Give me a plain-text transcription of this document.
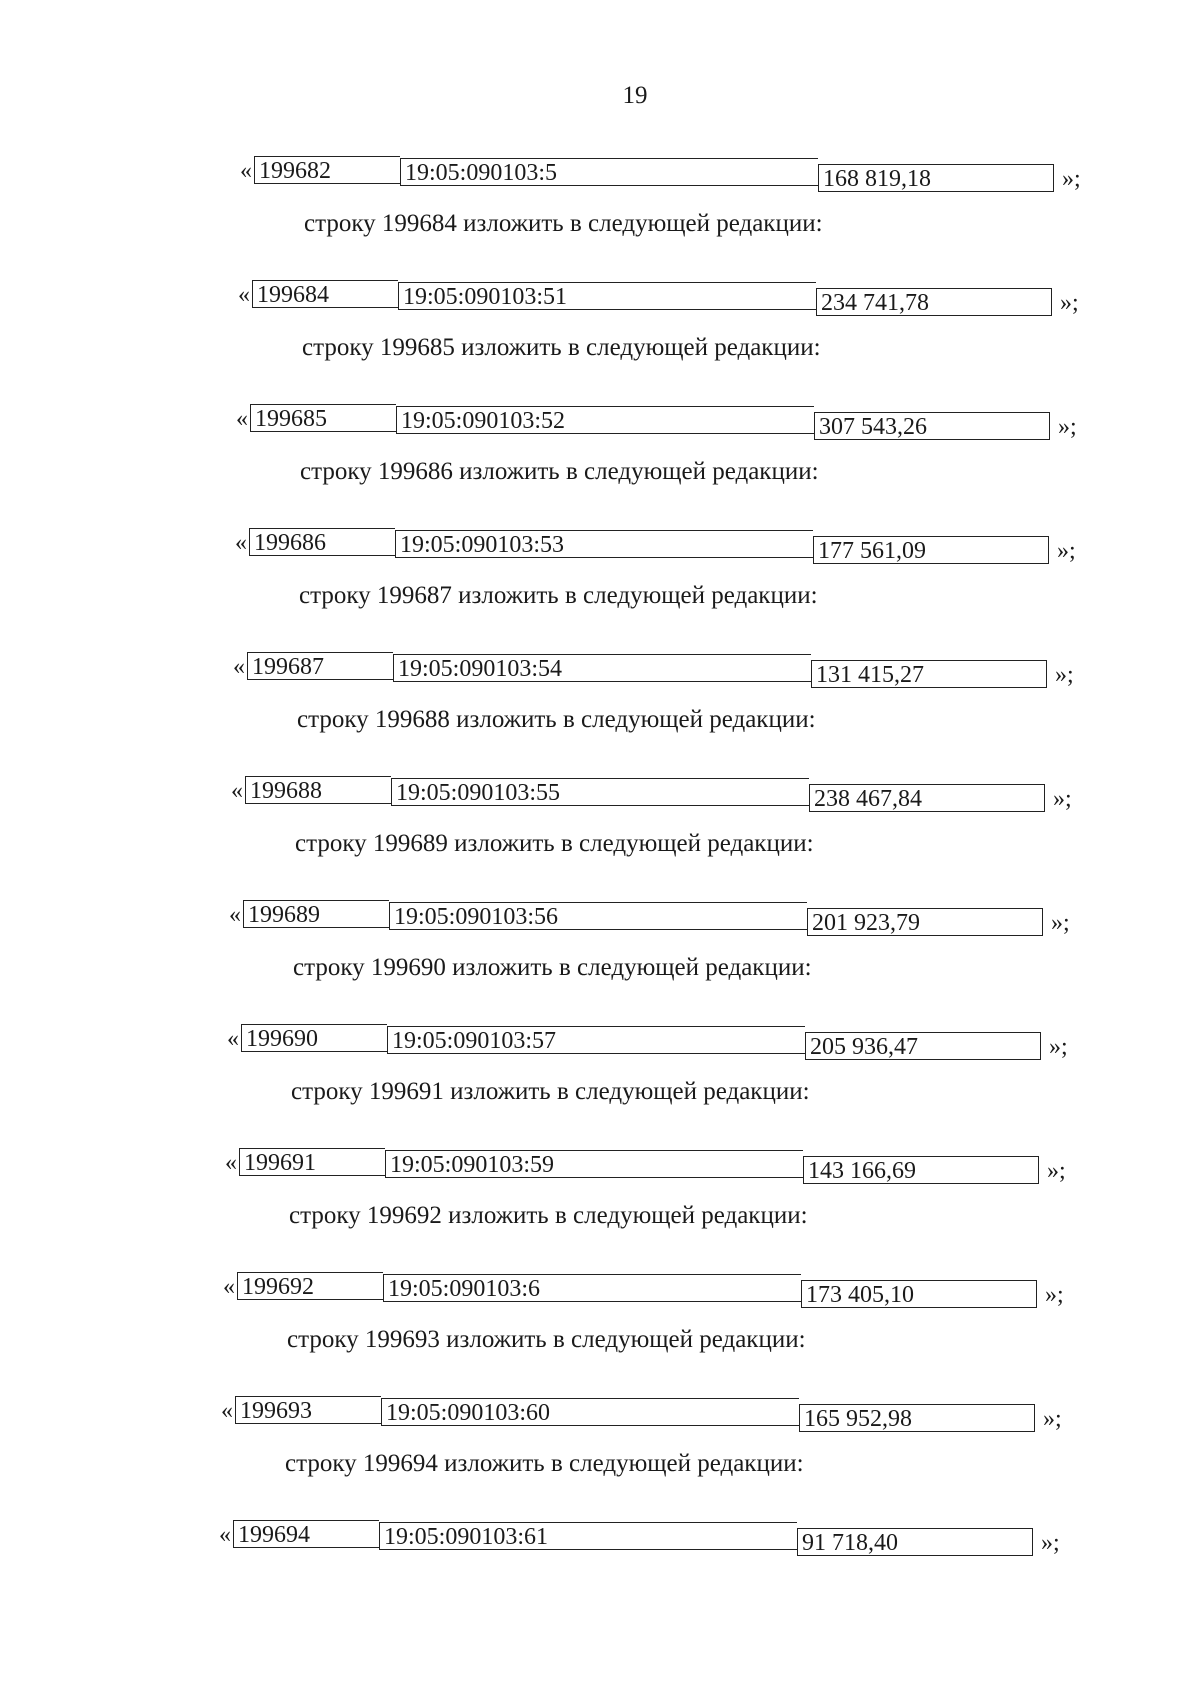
19
« 199682	19:05:090103:5	168 819,18	»;
строку 199684 изложить в следующей редакции:
« 199684	19:05:090103:51	234 741,78	»;
строку 199685 изложить в следующей редакции:
« 199685	19:05:090103:52	307 543,26	»;
строку 199686 изложить в следующей редакции:
« 199686	19:05:090103:53	177 561,09	»;
строку 199687 изложить в следующей редакции:
« 199687	19:05:090103:54	131 415,27	»;
строку 199688 изложить в следующей редакции:
« 199688	19:05:090103:55	238 467,84	»;
строку 199689 изложить в следующей редакции:
« 199689	19:05:090103:56	201 923,79	»;
строку 199690 изложить в следующей редакции:
« 199690	19:05:090103:57	205 936,47	»;
строку 199691 изложить в следующей редакции:
« 199691	19:05:090103:59	143 166,69	»;
строку 199692 изложить в следующей редакции:
« 199692	19:05:090103:6	173 405,10	»;
строку 199693 изложить в следующей редакции:
« 199693	19:05:090103:60	165 952,98	»;
строку 199694 изложить в следующей редакции:
« 199694	19:05:090103:61	91 718,40	»;
